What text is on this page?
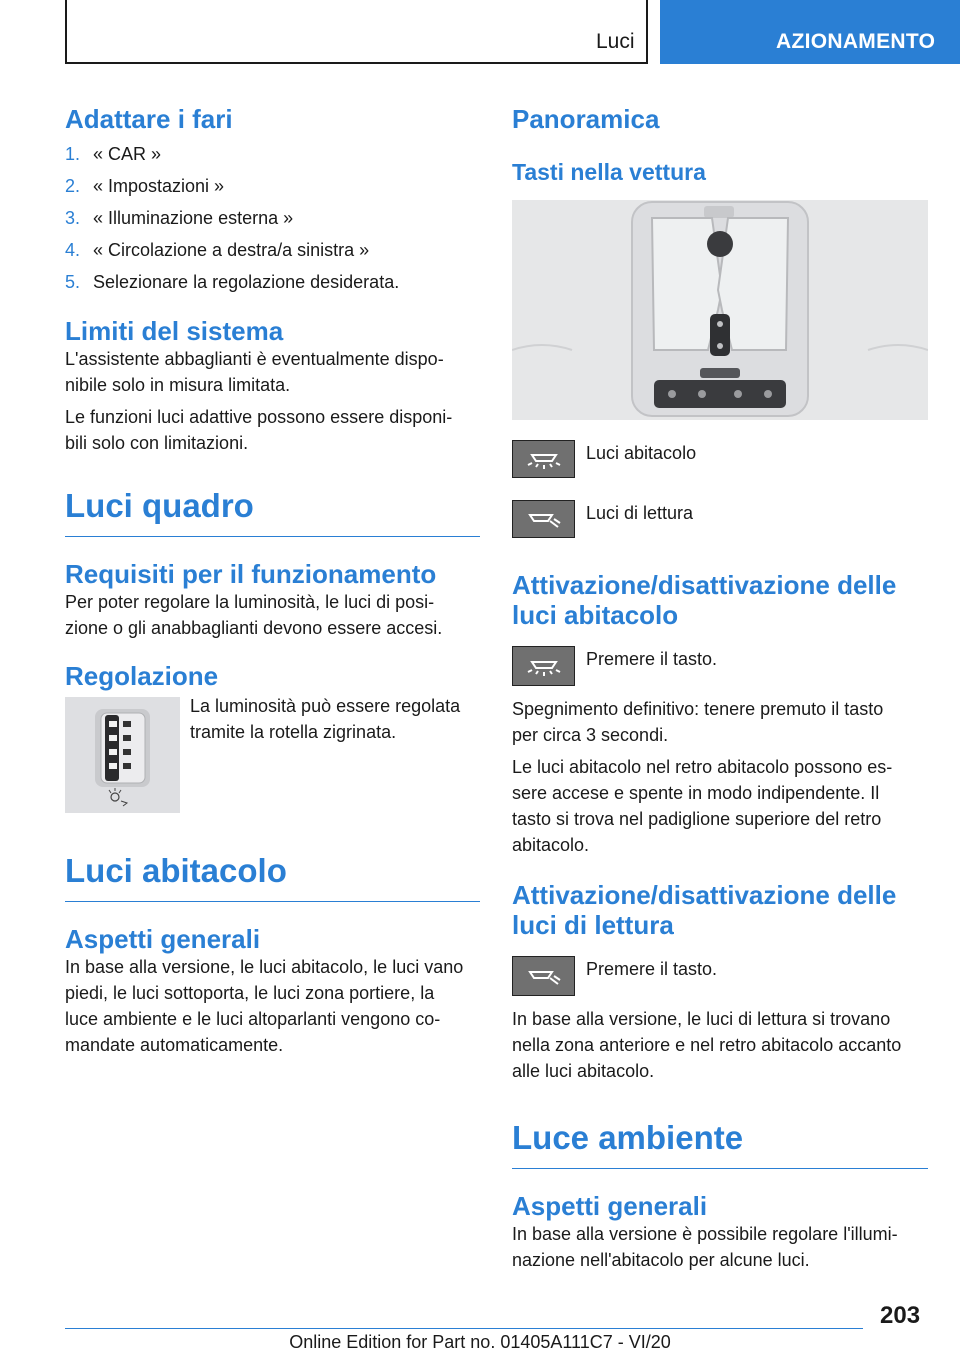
Luci	AZIONAMENTO
Adattare i fari
1. « CAR »
2. « Impostazioni »
3. « Illuminazione esterna »
4. « Circolazione a destra/a sinistra »
5. Selezionare la regolazione desiderata.
Limiti del sistema

L'assistente abbaglianti è eventualmente dispo-
nibile solo in misura limitata.

Le funzioni luci adattive possono essere disponi-
bili solo con limitazioni.

Luci quadro
Requisiti per il funzionamento

Per poter regolare la luminosità, le luci di posi-
zione o gli anabbaglianti devono essere accesi.

Regolazione

La luminosità può essere regolata
tramite la rotella zigrinata.

Luci abitacolo
Aspetti generali

In base alla versione, le luci abitacolo, le luci vano
piedi, le luci sottoporta, le luci zona portiere, la
luce ambiente e le luci altoparlanti vengono co-
mandate automaticamente.

Panoramica
Tasti nella vettura

Luci abitacolo

Luci di lettura

Attivazione/disattivazione delle
luci abitacolo

Premere il tasto.

Spegnimento definitivo: tenere premuto il tasto
per circa 3 secondi.

Le luci abitacolo nel retro abitacolo possono es-
sere accese e spente in modo indipendente. Il
tasto si trova nel padiglione superiore del retro
abitacolo.

Attivazione/disattivazione delle
luci di lettura

Premere il tasto.

In base alla versione, le luci di lettura si trovano
nella zona anteriore e nel retro abitacolo accanto
alle luci abitacolo.

Luce ambiente
Aspetti generali

In base alla versione è possibile regolare l'illumi-
nazione nell'abitacolo per alcune luci.

203
Online Edition for Part no. 01405A111C7 - VI/20
